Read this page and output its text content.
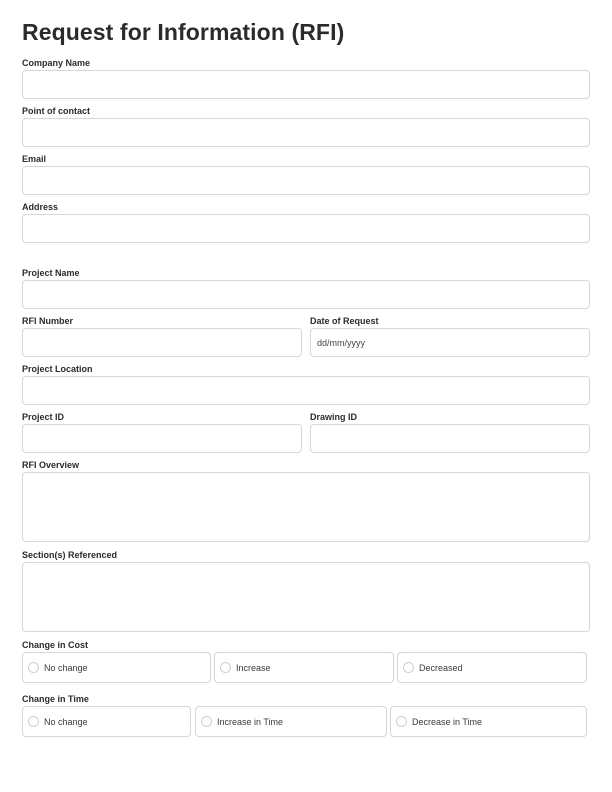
Request for Information (RFI)
Company Name
Point of contact
Email
Address
Project Name
RFI Number	Date of Request
dd/mm/yyyy
Project Location
Project ID	Drawing ID
RFI Overview
Section(s) Referenced
Change in Cost
No change	Increase	Decreased
Change in Time
No change	Increase in Time	Decrease in Time
